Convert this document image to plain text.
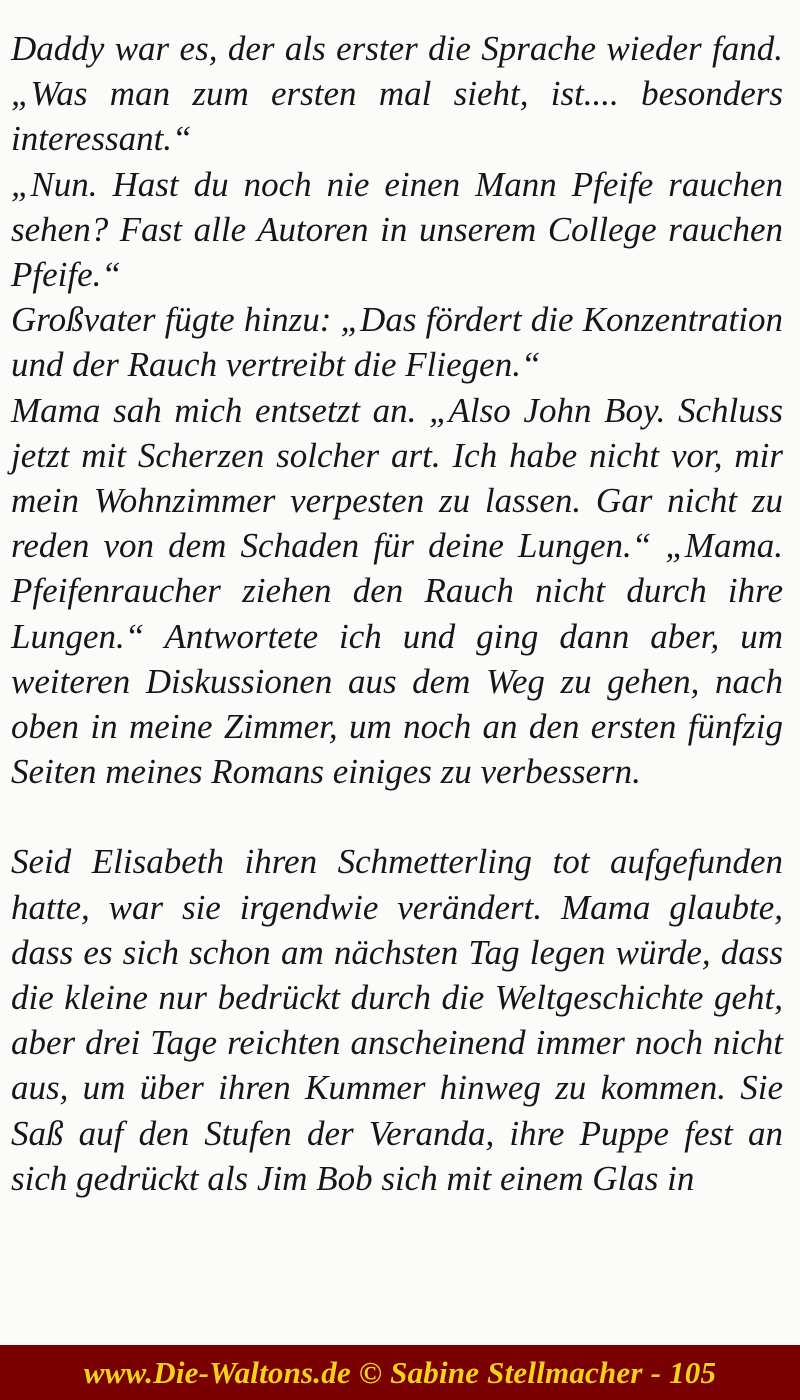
Daddy war es, der als erster die Sprache wieder fand. „Was man zum ersten mal sieht, ist.... besonders interessant.“

„Nun. Hast du noch nie einen Mann Pfeife rauchen sehen? Fast alle Autoren in unserem College rauchen Pfeife.“

Großvater fügte hinzu: „Das fördert die Konzentration und der Rauch vertreibt die Fliegen.“

Mama sah mich entsetzt an. „Also John Boy. Schluss jetzt mit Scherzen solcher art. Ich habe nicht vor, mir mein Wohnzimmer verpesten zu lassen. Gar nicht zu reden von dem Schaden für deine Lungen.“ „Mama. Pfeifenraucher ziehen den Rauch nicht durch ihre Lungen.“ Antwortete ich und ging dann aber, um weiteren Diskussionen aus dem Weg zu gehen, nach oben in meine Zimmer, um noch an den ersten fünfzig Seiten meines Romans einiges zu verbessern.

Seid Elisabeth ihren Schmetterling tot aufgefunden hatte, war sie irgendwie verändert. Mama glaubte, dass es sich schon am nächsten Tag legen würde, dass die kleine nur bedrückt durch die Weltgeschichte geht, aber drei Tage reichten anscheinend immer noch nicht aus, um über ihren Kummer hinweg zu kommen. Sie Saß auf den Stufen der Veranda, ihre Puppe fest an sich gedrückt als Jim Bob sich mit einem Glas in

www.Die-Waltons.de © Sabine Stellmacher - 105
